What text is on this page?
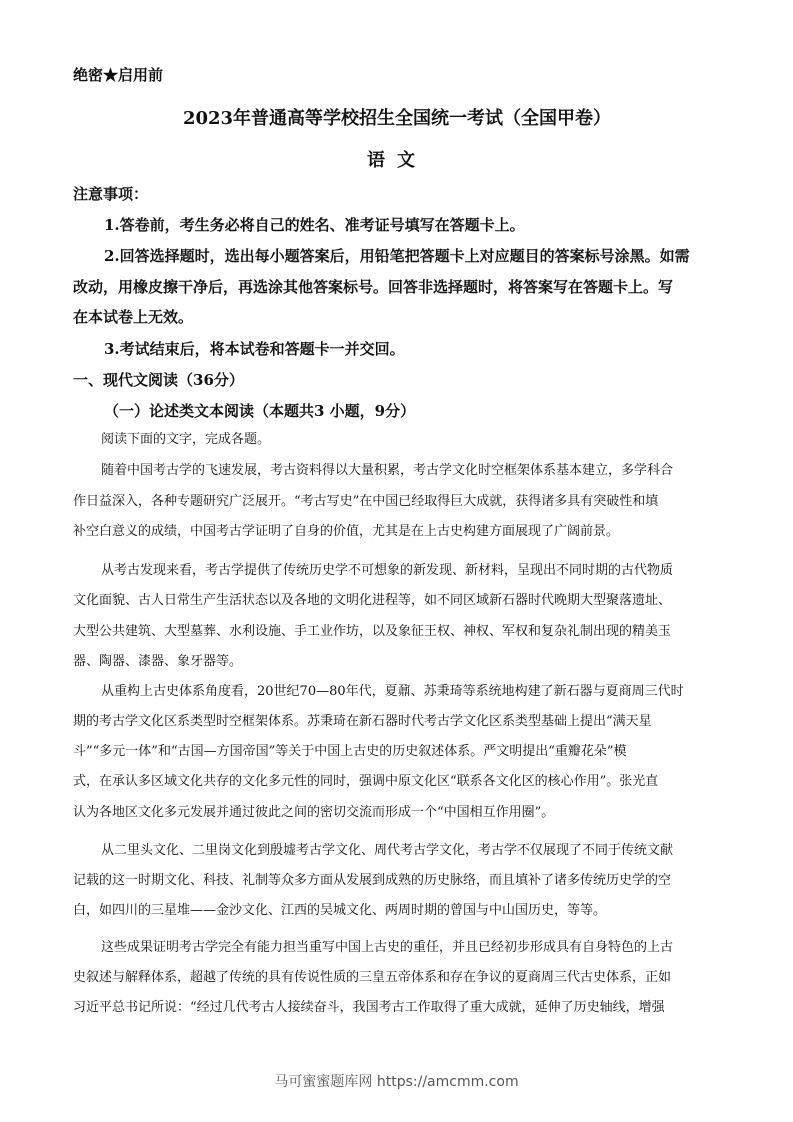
绝密★启用前
2023年普通高等学校招生全国统一考试（全国甲卷）
语文
注意事项：
1.答卷前，考生务必将自己的姓名、准考证号填写在答题卡上。
2.回答选择题时，选出每小题答案后，用铅笔把答题卡上对应题目的答案标号涂黑。如需
改动，用橡皮擦干净后，再选涂其他答案标号。回答非选择题时，将答案写在答题卡上。写
在本试卷上无效。
3.考试结束后，将本试卷和答题卡一并交回。
一、现代文阅读（36分）
（一）论述类文本阅读（本题共3 小题，9分）
阅读下面的文字，完成各题。
随着中国考古学的飞速发展，考古资料得以大量积累，考古学文化时空框架体系基本建立，多学科合
作日益深入，各种专题研究广泛展开。“考古写史”在中国已经取得巨大成就，获得诸多具有突破性和填
补空白意义的成绩，中国考古学证明了自身的价值，尤其是在上古史构建方面展现了广阔前景。
从考古发现来看，考古学提供了传统历史学不可想象的新发现、新材料，呈现出不同时期的古代物质
文化面貌、古人日常生产生活状态以及各地的文明化进程等，如不同区域新石器时代晚期大型聚落遗址、
大型公共建筑、大型墓葬、水利设施、手工业作坊，以及象征王权、神权、军权和复杂礼制出现的精美玉
器、陶器、漆器、象牙器等。
从重构上古史体系角度看，20世纪70—80年代，夏鼐、苏秉琦等系统地构建了新石器与夏商周三代时
期的考古学文化区系类型时空框架体系。苏秉琦在新石器时代考古学文化区系类型基础上提出“满天星
斗”“多元一体”和“古国—方国帝国”等关于中国上古史的历史叙述体系。严文明提出“重瓣花朵”模
式，在承认多区域文化共存的文化多元性的同时，强调中原文化区“联系各文化区的核心作用”。张光直
认为各地区文化多元发展并通过彼此之间的密切交流而形成一个“中国相互作用圈”。
从二里头文化、二里岗文化到殷墟考古学文化、周代考古学文化，考古学不仅展现了不同于传统文献
记载的这一时期文化、科技、礼制等众多方面从发展到成熟的历史脉络，而且填补了诸多传统历史学的空
白，如四川的三星堆——金沙文化、江西的吴城文化、两周时期的曾国与中山国历史，等等。
这些成果证明考古学完全有能力担当重写中国上古史的重任，并且已经初步形成具有自身特色的上古
史叙述与解释体系，超越了传统的具有传说性质的三皇五帝体系和存在争议的夏商周三代古史体系，正如
习近平总书记所说：“经过几代考古人接续奋斗，我国考古工作取得了重大成就，延伸了历史轴线，增强
马可蜜蜜题库网 https://amcmm.com
